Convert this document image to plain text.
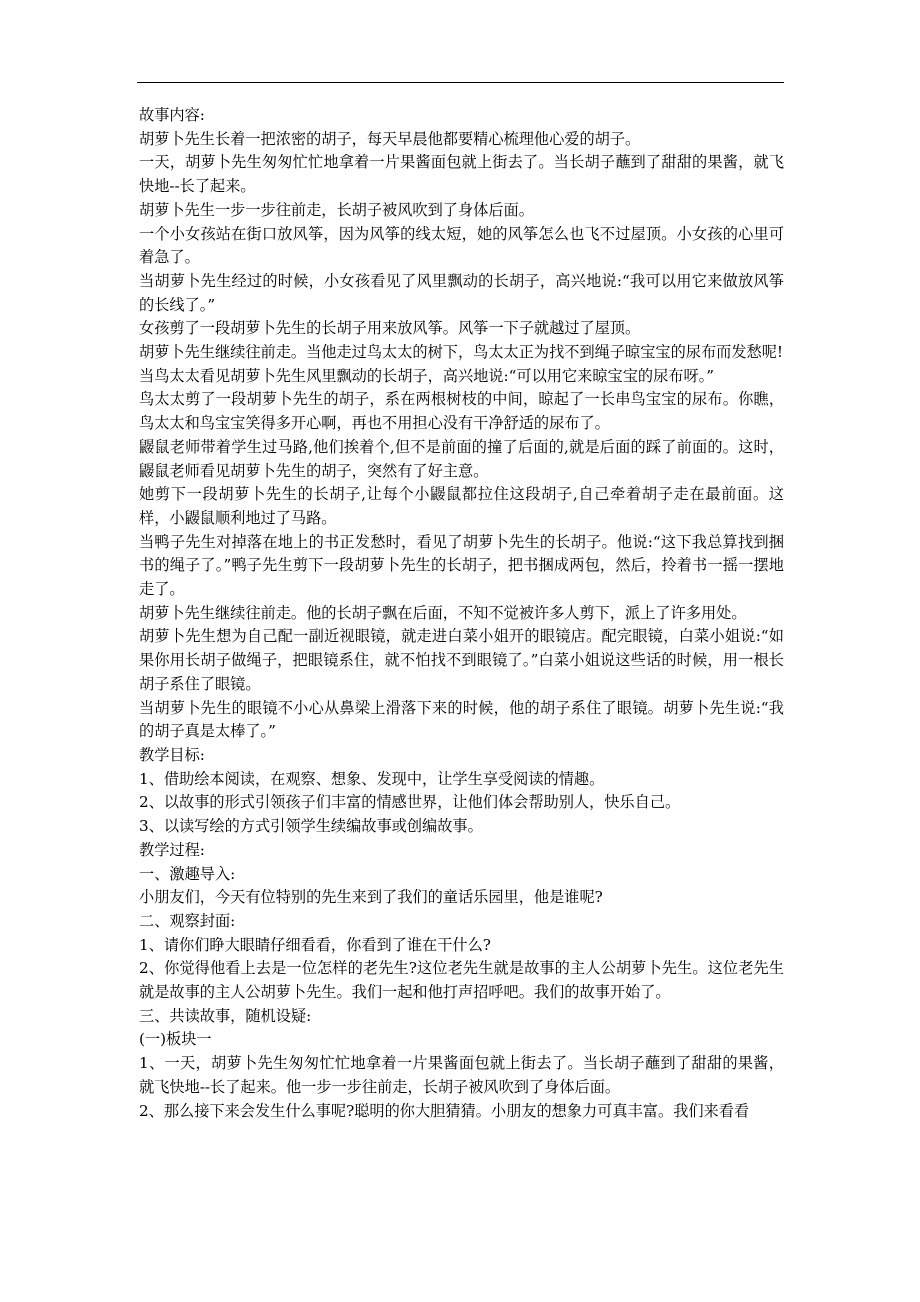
故事内容:

胡萝卜先生长着一把浓密的胡子，每天早晨他都要精心梳理他心爱的胡子。

一天，胡萝卜先生匆匆忙忙地拿着一片果酱面包就上街去了。当长胡子蘸到了甜甜的果酱，就飞快地--长了起来。

胡萝卜先生一步一步往前走，长胡子被风吹到了身体后面。

一个小女孩站在街口放风筝，因为风筝的线太短，她的风筝怎么也飞不过屋顶。小女孩的心里可着急了。

当胡萝卜先生经过的时候，小女孩看见了风里飘动的长胡子，高兴地说:“我可以用它来做放风筝的长线了。”

女孩剪了一段胡萝卜先生的长胡子用来放风筝。风筝一下子就越过了屋顶。

胡萝卜先生继续往前走。当他走过鸟太太的树下，鸟太太正为找不到绳子晾宝宝的尿布而发愁呢!

当鸟太太看见胡萝卜先生风里飘动的长胡子，高兴地说:“可以用它来晾宝宝的尿布呀。”

鸟太太剪了一段胡萝卜先生的胡子，系在两根树枝的中间，晾起了一长串鸟宝宝的尿布。你瞧，鸟太太和鸟宝宝笑得多开心啊，再也不用担心没有干净舒适的尿布了。

鼹鼠老师带着学生过马路,他们挨着个,但不是前面的撞了后面的,就是后面的踩了前面的。这时，鼹鼠老师看见胡萝卜先生的胡子，突然有了好主意。

她剪下一段胡萝卜先生的长胡子,让每个小鼹鼠都拉住这段胡子,自己牵着胡子走在最前面。这样，小鼹鼠顺利地过了马路。

当鸭子先生对掉落在地上的书正发愁时，看见了胡萝卜先生的长胡子。他说:“这下我总算找到捆书的绳子了。”鸭子先生剪下一段胡萝卜先生的长胡子，把书捆成两包，然后，拎着书一摇一摆地走了。

胡萝卜先生继续往前走。他的长胡子飘在后面，不知不觉被许多人剪下，派上了许多用处。

胡萝卜先生想为自己配一副近视眼镜，就走进白菜小姐开的眼镜店。配完眼镜，白菜小姐说:“如果你用长胡子做绳子，把眼镜系住，就不怕找不到眼镜了。”白菜小姐说这些话的时候，用一根长胡子系住了眼镜。

当胡萝卜先生的眼镜不小心从鼻梁上滑落下来的时候，他的胡子系住了眼镜。胡萝卜先生说:“我的胡子真是太棒了。”

教学目标:

1、借助绘本阅读，在观察、想象、发现中，让学生享受阅读的情趣。

2、以故事的形式引领孩子们丰富的情感世界，让他们体会帮助别人，快乐自己。

3、以读写绘的方式引领学生续编故事或创编故事。

教学过程:

一、激趣导入:

小朋友们，今天有位特别的先生来到了我们的童话乐园里，他是谁呢?

二、观察封面:

1、请你们睁大眼睛仔细看看，你看到了谁在干什么?

2、你觉得他看上去是一位怎样的老先生?这位老先生就是故事的主人公胡萝卜先生。这位老先生就是故事的主人公胡萝卜先生。我们一起和他打声招呼吧。我们的故事开始了。

三、共读故事，随机设疑:

(一)板块一

1、一天，胡萝卜先生匆匆忙忙地拿着一片果酱面包就上街去了。当长胡子蘸到了甜甜的果酱，就飞快地--长了起来。他一步一步往前走，长胡子被风吹到了身体后面。

2、那么接下来会发生什么事呢?聪明的你大胆猜猜。小朋友的想象力可真丰富。我们来看看
